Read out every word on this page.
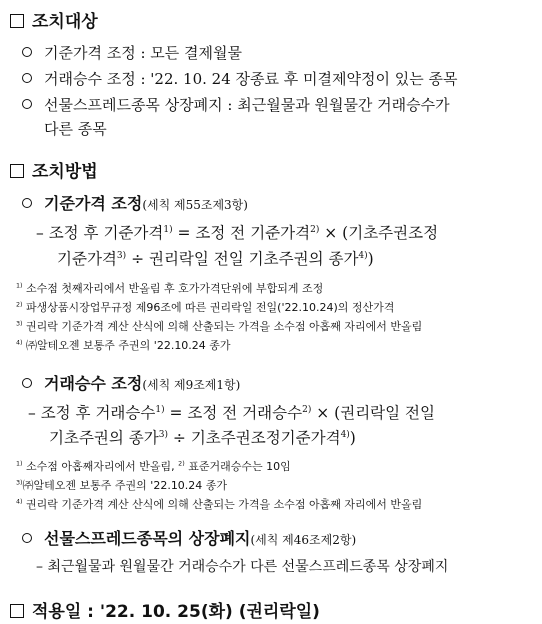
조치대상
기준가격 조정 : 모든 결제월물
거래승수 조정 : '22. 10. 24 장종료 후 미결제약정이 있는 종목
선물스프레드종목 상장폐지 : 최근월물과 원월물간 거래승수가
다른 종목
조치방법
기준가격 조정(세칙 제55조제3항)
– 조정 후 기준가격$^{1)}$ = 조정 전 기준가격$^{2)}$ × (기초주권조정
기준가격$^{3)}$ ÷ 권리락일 전일 기초주권의 종가$^{4)}$)
$^{1)}$ 소수점 첫째자리에서 반올림 후 호가가격단위에 부합되게 조정
$^{2)}$ 파생상품시장업무규정 제96조에 따른 권리락일 전일('22.10.24)의 정산가격
$^{3)}$ 권리락 기준가격 계산 산식에 의해 산출되는 가격을 소수점 아홉째 자리에서 반올림
$^{4)}$ ㈜알테오젠 보통주 주권의 '22.10.24 종가
거래승수 조정(세칙 제9조제1항)
– 조정 후 거래승수$^{1)}$ = 조정 전 거래승수$^{2)}$ × (권리락일 전일
기초주권의 종가$^{3)}$ ÷ 기초주권조정기준가격$^{4)}$)
$^{1)}$ 소수점 아홉째자리에서 반올림, $^{2)}$ 표준거래승수는 10임
$^{3)}$㈜알테오젠 보통주 주권의 '22.10.24 종가
$^{4)}$ 권리락 기준가격 계산 산식에 의해 산출되는 가격을 소수점 아홉째 자리에서 반올림
선물스프레드종목의 상장폐지(세칙 제46조제2항)
– 최근월물과 원월물간 거래승수가 다른 선물스프레드종목 상장폐지
적용일 : '22. 10. 25(화) (권리락일)
